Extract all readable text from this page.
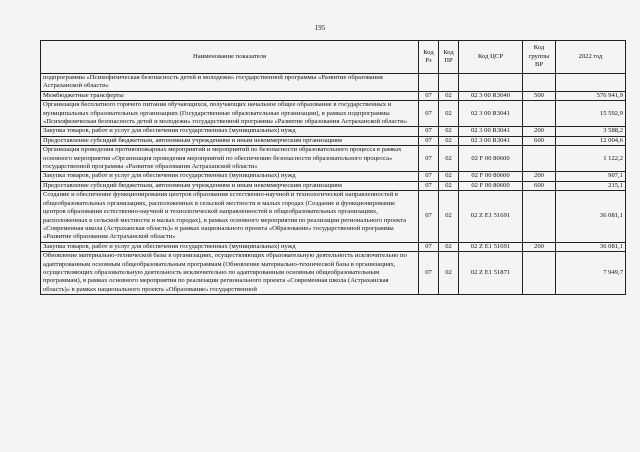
195
Наименование показателя	Код Рз	Код ПР	Код ЦСР	Код группы ВР	2022 год
подпрограммы «Психофизическая безопасность детей и молодежи» государственной программы «Развитие образования Астраханской области»					
Межбюджетные трансферты	07	02	02 3 00 R3040	500	576 941,9
Организация бесплатного горячего питания обучающихся, получающих начальное общее образование в государственных и муниципальных образовательных организациях (Государственные образовательные организации), в рамках подпрограммы «Психофизическая безопасность детей и молодежи» государственной программы «Развитие образования Астраханской области»	07	02	02 3 00 R3041		15 592,9
Закупка товаров, работ и услуг для обеспечения государственных (муниципальных) нужд	07	02	02 3 00 R3041	200	3 588,2
Предоставление субсидий бюджетным, автономным учреждениям и иным некоммерческим организациям	07	02	02 3 00 R3041	600	12 004,6
Организация проведения противопожарных мероприятий и мероприятий по безопасности образовательного процесса в рамках основного мероприятия «Организация проведения мероприятий по обеспечению безопасности образовательного процесса» государственной программы «Развитие образования Астраханской области»	07	02	02 F 00 80600		1 122,2
Закупка товаров, работ и услуг для обеспечения государственных (муниципальных) нужд	07	02	02 F 00 80600	200	907,1
Предоставление субсидий бюджетным, автономным учреждениям и иным некоммерческим организациям	07	02	02 F 00 80600	600	215,1
Создание и обеспечение функционирования центров образования естественно-научной и технологической направленностей в общеобразовательных организациях, расположенных в сельской местности и малых городах (Создание и функционирование центров образования естественно-научной и технологической направленностей в общеобразовательных организациях, расположенных в сельской местности и малых городах), в рамках основного мероприятия по реализации регионального проекта «Современная школа (Астраханская область)» в рамках национального проекта «Образование» государственной программы «Развитие образования Астраханской области»	07	02	02 Z E1 51691		36 081,1
Закупка товаров, работ и услуг для обеспечения государственных (муниципальных) нужд	07	02	02 Z E1 51691	200	36 081,1
Обновление материально-технической базы в организациях, осуществляющих образовательную деятельность исключительно по адаптированным основным общеобразовательным программам (Обновление материально-технической базы в организациях, осуществляющих образовательную деятельность исключительно по адаптированным основным общеобразовательным программам), в рамках основного мероприятия по реализации регионального проекта «Современная школа (Астраханская область)» в рамках национального проекта «Образование» государственной	07	02	02 Z E1 51871		7 949,7
